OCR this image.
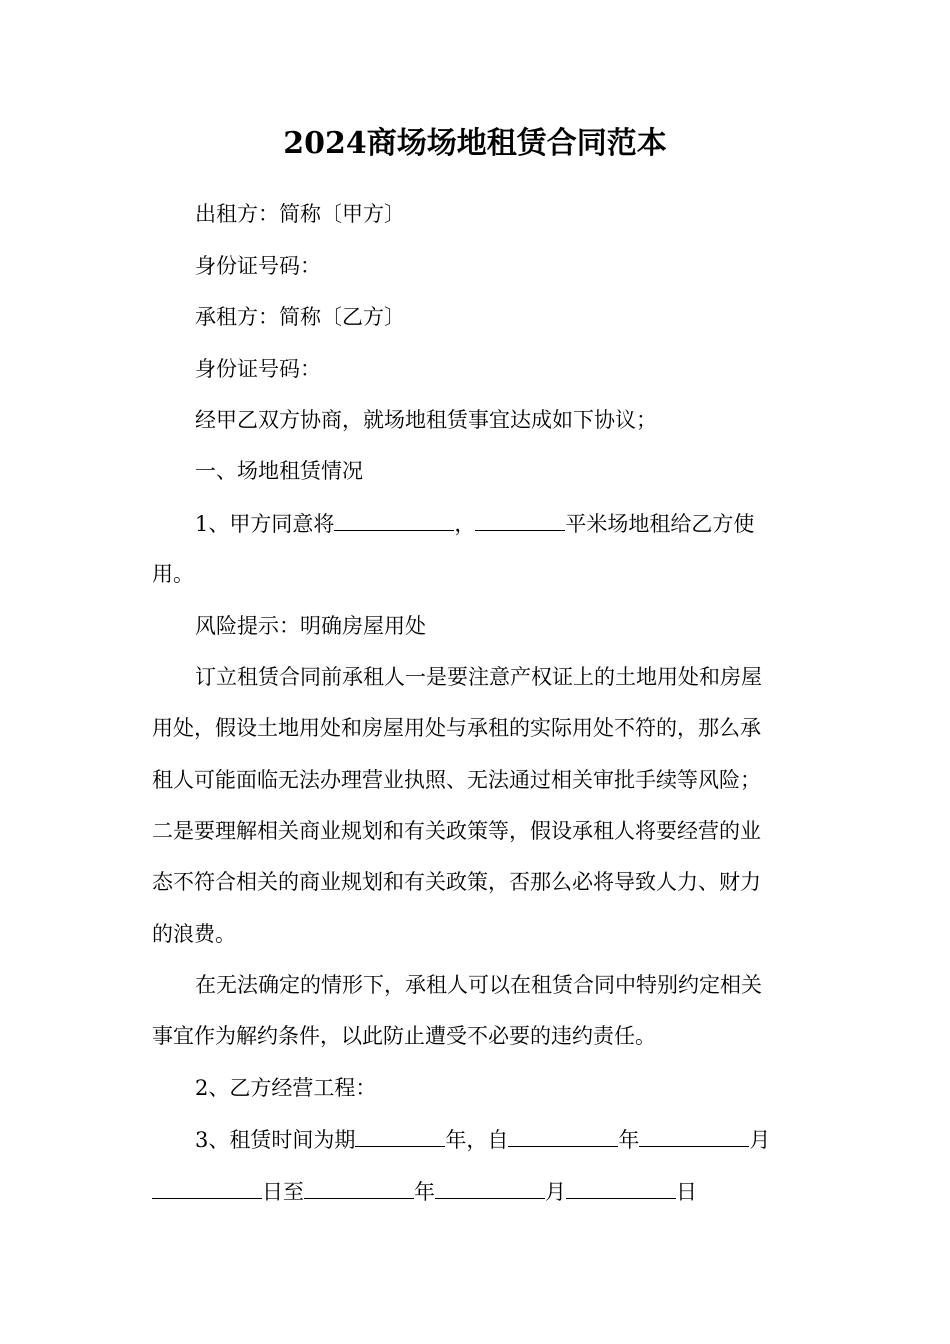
2024商场场地租赁合同范本
出租方：简称〔甲方〕
身份证号码：
承租方：简称〔乙方〕
身份证号码：
经甲乙双方协商，就场地租赁事宜达成如下协议；
一、场地租赁情况
1、甲方同意将	，	平米场地租给乙方使
用。
风险提示：明确房屋用处
订立租赁合同前承租人一是要注意产权证上的土地用处和房屋
用处，假设土地用处和房屋用处与承租的实际用处不符的，那么承
租人可能面临无法办理营业执照、无法通过相关审批手续等风险；
二是要理解相关商业规划和有关政策等，假设承租人将要经营的业
态不符合相关的商业规划和有关政策，否那么必将导致人力、财力
的浪费。
在无法确定的情形下，承租人可以在租赁合同中特别约定相关
事宜作为解约条件，以此防止遭受不必要的违约责任。
2、乙方经营工程：
3、租赁时间为期	年，自	年	月
日至	年	月	日
